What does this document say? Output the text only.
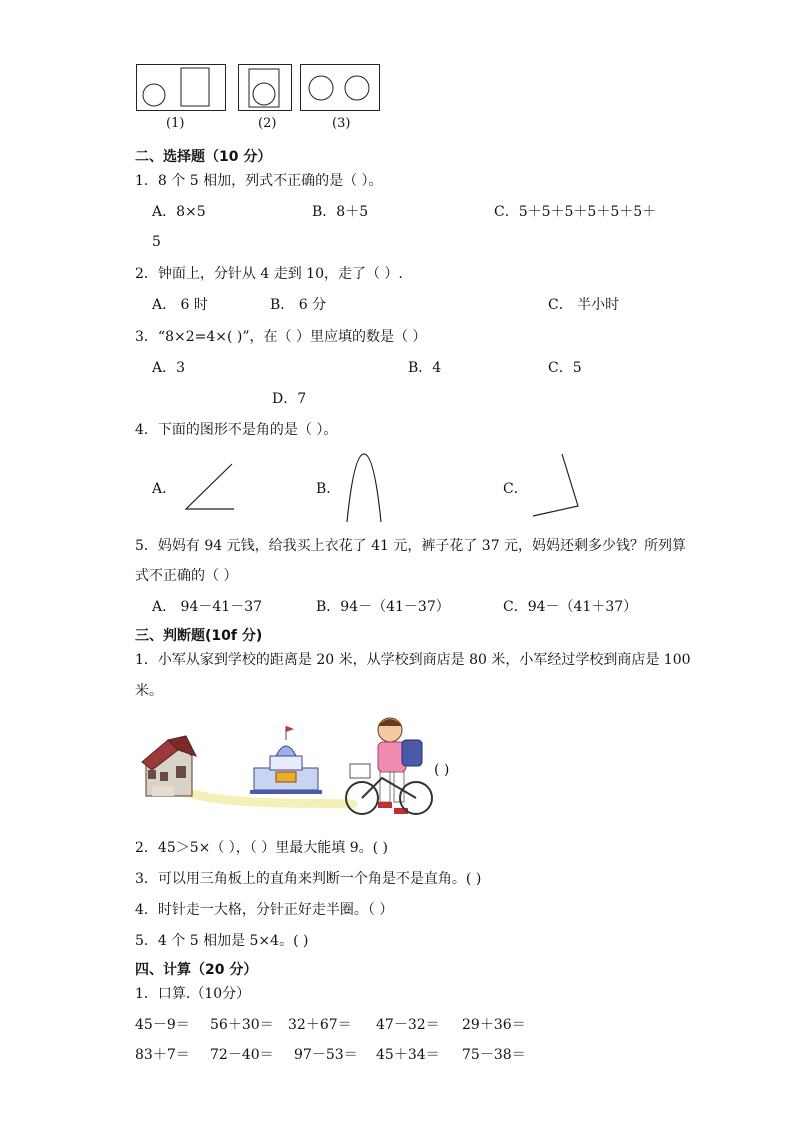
(1)	(2)	(3)
二、选择题（10 分）
1．8 个 5 相加，列式不正确的是（ ）。
A．8×5	B．8＋5	C．5＋5＋5＋5＋5＋5＋
5
2．钟面上，分针从 4 走到 10，走了（ ）.
A． 6 时	B． 6 分	C． 半小时
3．“8×2=4×( )”，在（ ）里应填的数是（ ）
A．3	B．4	C．5
D．7
4．下面的图形不是角的是（ ）。
A．	B．	C．
5．妈妈有 94 元钱，给我买上衣花了 41 元，裤子花了 37 元，妈妈还剩多少钱？所列算
式不正确的（ ）
A． 94－41－37	B．94－（41－37）	C．94－（41＋37）
三、判断题(10f 分)
1．小军从家到学校的距离是 20 米，从学校到商店是 80 米，小军经过学校到商店是 100
米。
( )
2．45＞5×（ ），（ ）里最大能填 9。( )
3．可以用三角板上的直角来判断一个角是不是直角。( )
4．时针走一大格，分针正好走半圈。（ ）
5．4 个 5 相加是 5×4。( )
四、计算（20 分）
1．口算.（10分）
45－9＝ 56＋30＝ 32＋67＝ 47－32＝ 29＋36＝
83＋7＝ 72－40＝ 97－53＝ 45＋34＝ 75－38＝
